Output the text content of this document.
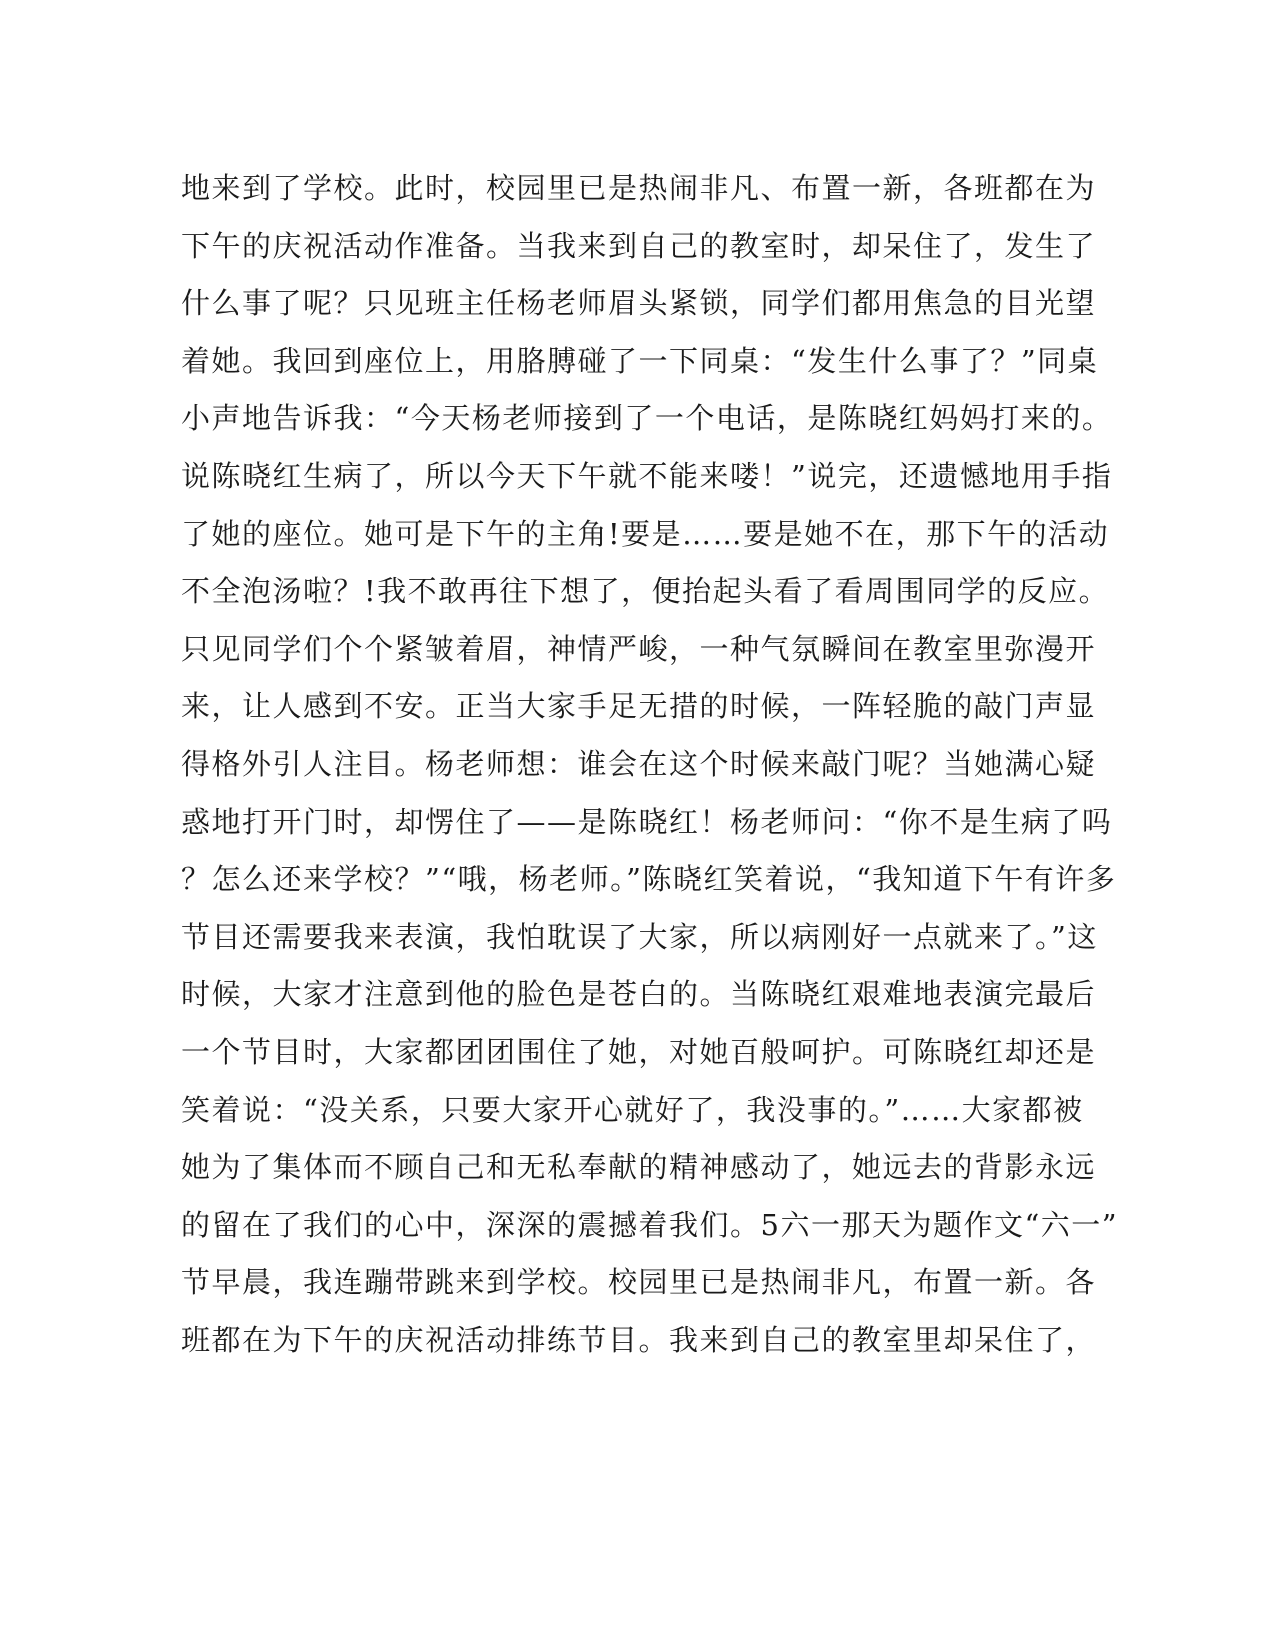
地来到了学校。此时，校园里已是热闹非凡、布置一新，各班都在为
下午的庆祝活动作准备。当我来到自己的教室时，却呆住了，发生了
什么事了呢？只见班主任杨老师眉头紧锁，同学们都用焦急的目光望
着她。我回到座位上，用胳膊碰了一下同桌：“发生什么事了？”同桌
小声地告诉我：“今天杨老师接到了一个电话，是陈晓红妈妈打来的。
说陈晓红生病了，所以今天下午就不能来喽！”说完，还遗憾地用手指
了她的座位。她可是下午的主角!要是……要是她不在，那下午的活动
不全泡汤啦？!我不敢再往下想了，便抬起头看了看周围同学的反应。
只见同学们个个紧皱着眉，神情严峻，一种气氛瞬间在教室里弥漫开
来，让人感到不安。正当大家手足无措的时候，一阵轻脆的敲门声显
得格外引人注目。杨老师想：谁会在这个时候来敲门呢？当她满心疑
惑地打开门时，却愣住了——是陈晓红！杨老师问：“你不是生病了吗
？怎么还来学校？”“哦，杨老师。”陈晓红笑着说，“我知道下午有许多
节目还需要我来表演，我怕耽误了大家，所以病刚好一点就来了。”这
时候，大家才注意到他的脸色是苍白的。当陈晓红艰难地表演完最后
一个节目时，大家都团团围住了她，对她百般呵护。可陈晓红却还是
笑着说：“没关系，只要大家开心就好了，我没事的。”……大家都被
她为了集体而不顾自己和无私奉献的精神感动了，她远去的背影永远
的留在了我们的心中，深深的震撼着我们。5六一那天为题作文“六一”
节早晨，我连蹦带跳来到学校。校园里已是热闹非凡，布置一新。各
班都在为下午的庆祝活动排练节目。我来到自己的教室里却呆住了，
